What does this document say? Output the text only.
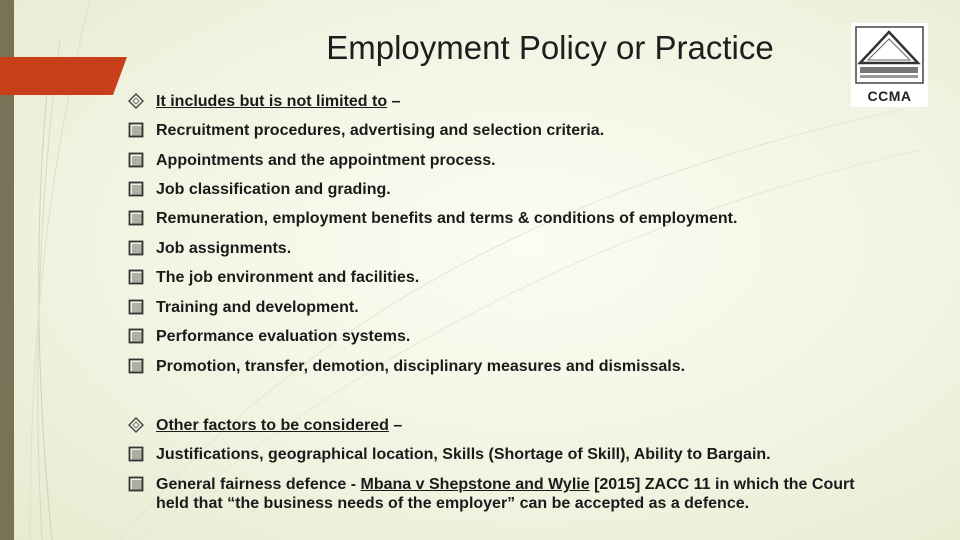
Employment Policy or Practice
CCMA
It includes but is not limited to –
Recruitment procedures, advertising and selection criteria.
Appointments and the appointment process.
Job classification and grading.
Remuneration, employment benefits and terms & conditions of employment.
Job assignments.
The job environment and facilities.
Training and development.
Performance evaluation systems.
Promotion, transfer, demotion, disciplinary measures and dismissals.
Other factors to be considered –
Justifications, geographical location, Skills (Shortage of Skill), Ability to Bargain.
General fairness defence - Mbana v Shepstone and Wylie [2015] ZACC 11 in which the Court
held that “the business needs of the employer” can be accepted as a defence.
